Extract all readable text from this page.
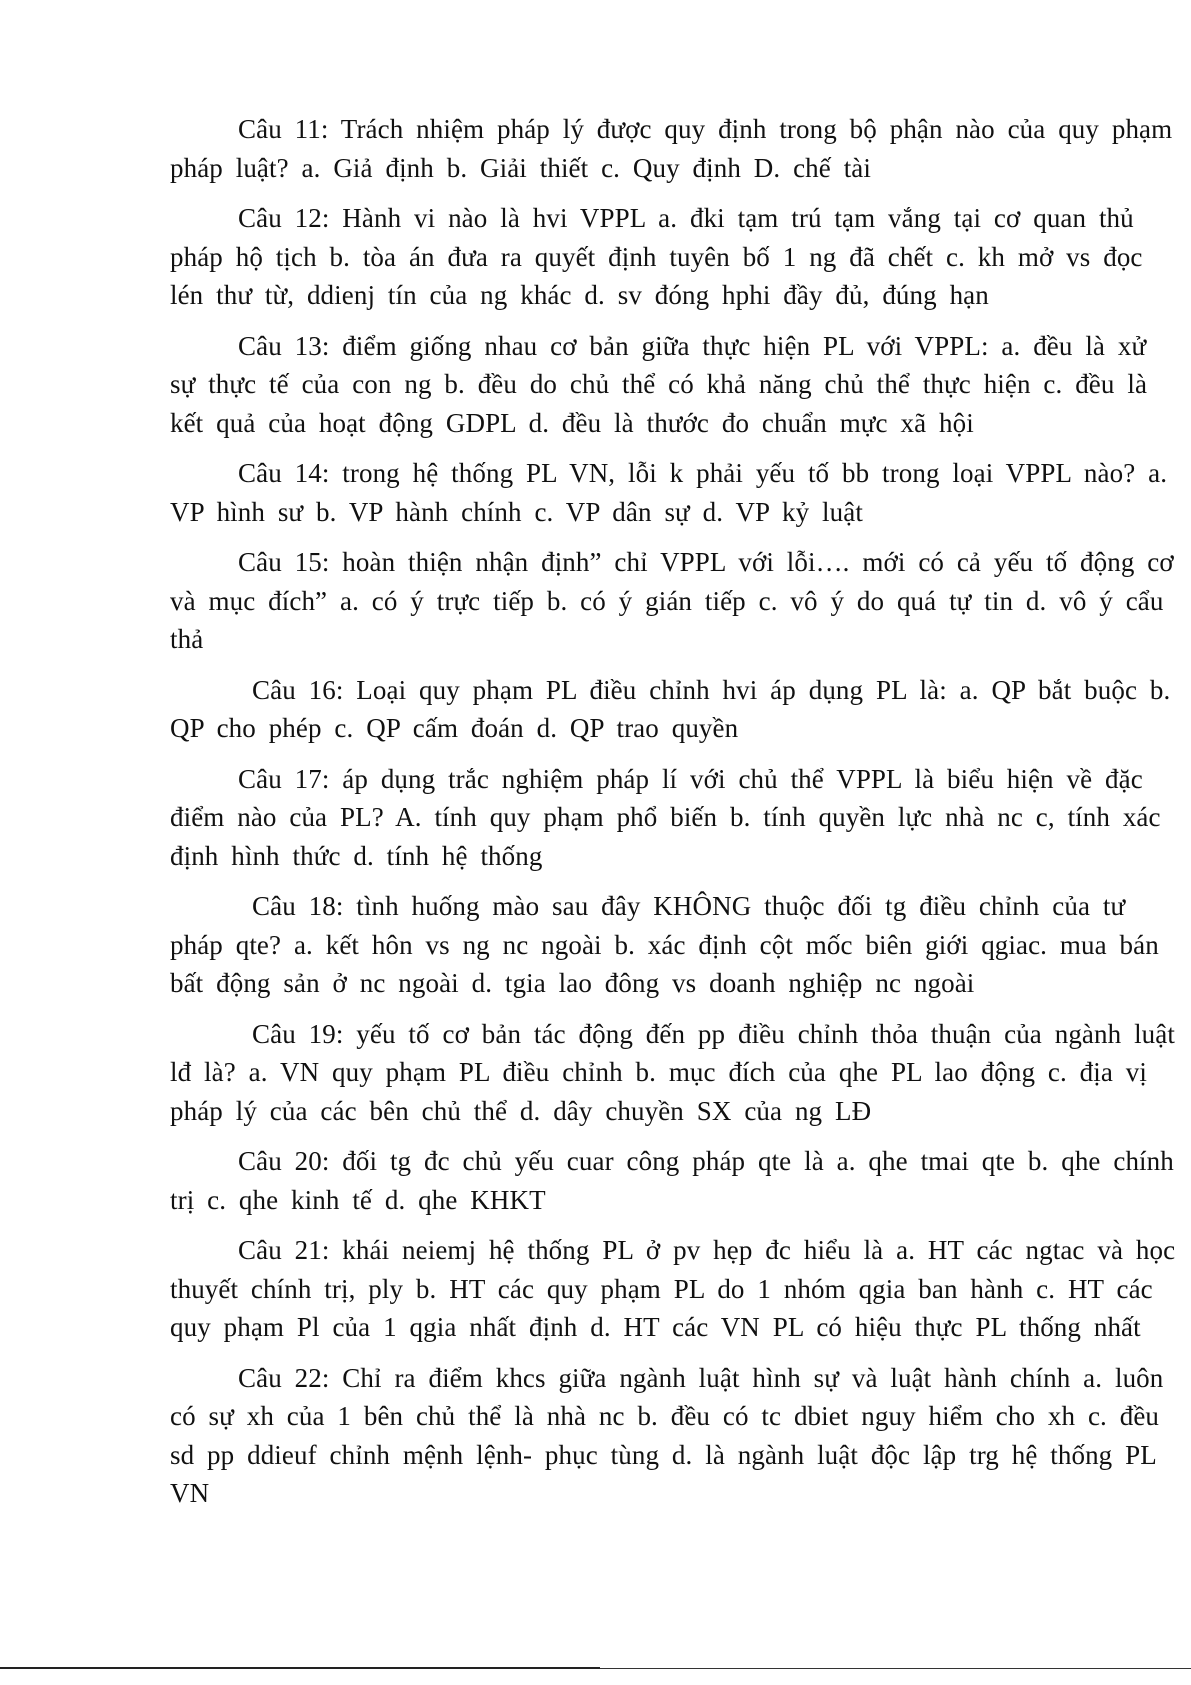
Câu 11: Trách nhiệm pháp lý được quy định trong bộ phận nào của quy phạm pháp luật? a. Giả định b. Giải thiết c. Quy định D. chế tài

Câu 12: Hành vi nào là hvi VPPL a. đki tạm trú tạm vắng tại cơ quan thủ pháp hộ tịch b. tòa án đưa ra quyết định tuyên bố 1 ng đã chết c. kh mở vs đọc lén thư từ, ddienj tín của ng khác d. sv đóng hphi đầy đủ, đúng hạn

Câu 13: điểm giống nhau cơ bản giữa thực hiện PL với VPPL: a. đều là xử sự thực tế của con ng b. đều do chủ thể có khả năng chủ thể thực hiện c. đều là kết quả của hoạt động GDPL d. đều là thước đo chuẩn mực xã hội

Câu 14: trong hệ thống PL VN, lỗi k phải yếu tố bb trong loại VPPL nào? a. VP hình sư b. VP hành chính c. VP dân sự d. VP kỷ luật

Câu 15: hoàn thiện nhận định” chỉ VPPL với lỗi…. mới có cả yếu tố động cơ và mục đích” a. có ý trực tiếp b. có ý gián tiếp c. vô ý do quá tự tin d. vô ý cẩu thả

Câu 16: Loại quy phạm PL điều chỉnh hvi áp dụng PL là: a. QP bắt buộc b. QP cho phép c. QP cấm đoán d. QP trao quyền

Câu 17: áp dụng trắc nghiệm pháp lí với chủ thể VPPL là biểu hiện về đặc điểm nào của PL? A. tính quy phạm phổ biến b. tính quyền lực nhà nc c, tính xác định hình thức d. tính hệ thống

Câu 18: tình huống mào sau đây KHÔNG thuộc đối tg điều chỉnh của tư pháp qte? a. kết hôn vs ng nc ngoài b. xác định cột mốc biên giới qgiac. mua bán bất động sản ở nc ngoài d. tgia lao đông vs doanh nghiệp nc ngoài

Câu 19: yếu tố cơ bản tác động đến pp điều chỉnh thỏa thuận của ngành luật lđ là? a. VN quy phạm PL điều chỉnh b. mục đích của qhe PL lao động c. địa vị pháp lý của các bên chủ thể d. dây chuyền SX của ng LĐ

Câu 20: đối tg đc chủ yếu cuar công pháp qte là a. qhe tmai qte b. qhe chính trị c. qhe kinh tế d. qhe KHKT

Câu 21: khái neiemj hệ thống PL ở pv hẹp đc hiểu là a. HT các ngtac và học thuyết chính trị, ply b. HT các quy phạm PL do 1 nhóm qgia ban hành c. HT các quy phạm Pl của 1 qgia nhất định d. HT các VN PL có hiệu thực PL thống nhất

Câu 22: Chỉ ra điểm khcs giữa ngành luật hình sự và luật hành chính a. luôn có sự xh của 1 bên chủ thể là nhà nc b. đều có tc dbiet nguy hiểm cho xh c. đều sd pp ddieuf chỉnh mệnh lệnh- phục tùng d. là ngành luật độc lập trg hệ thống PL VN
